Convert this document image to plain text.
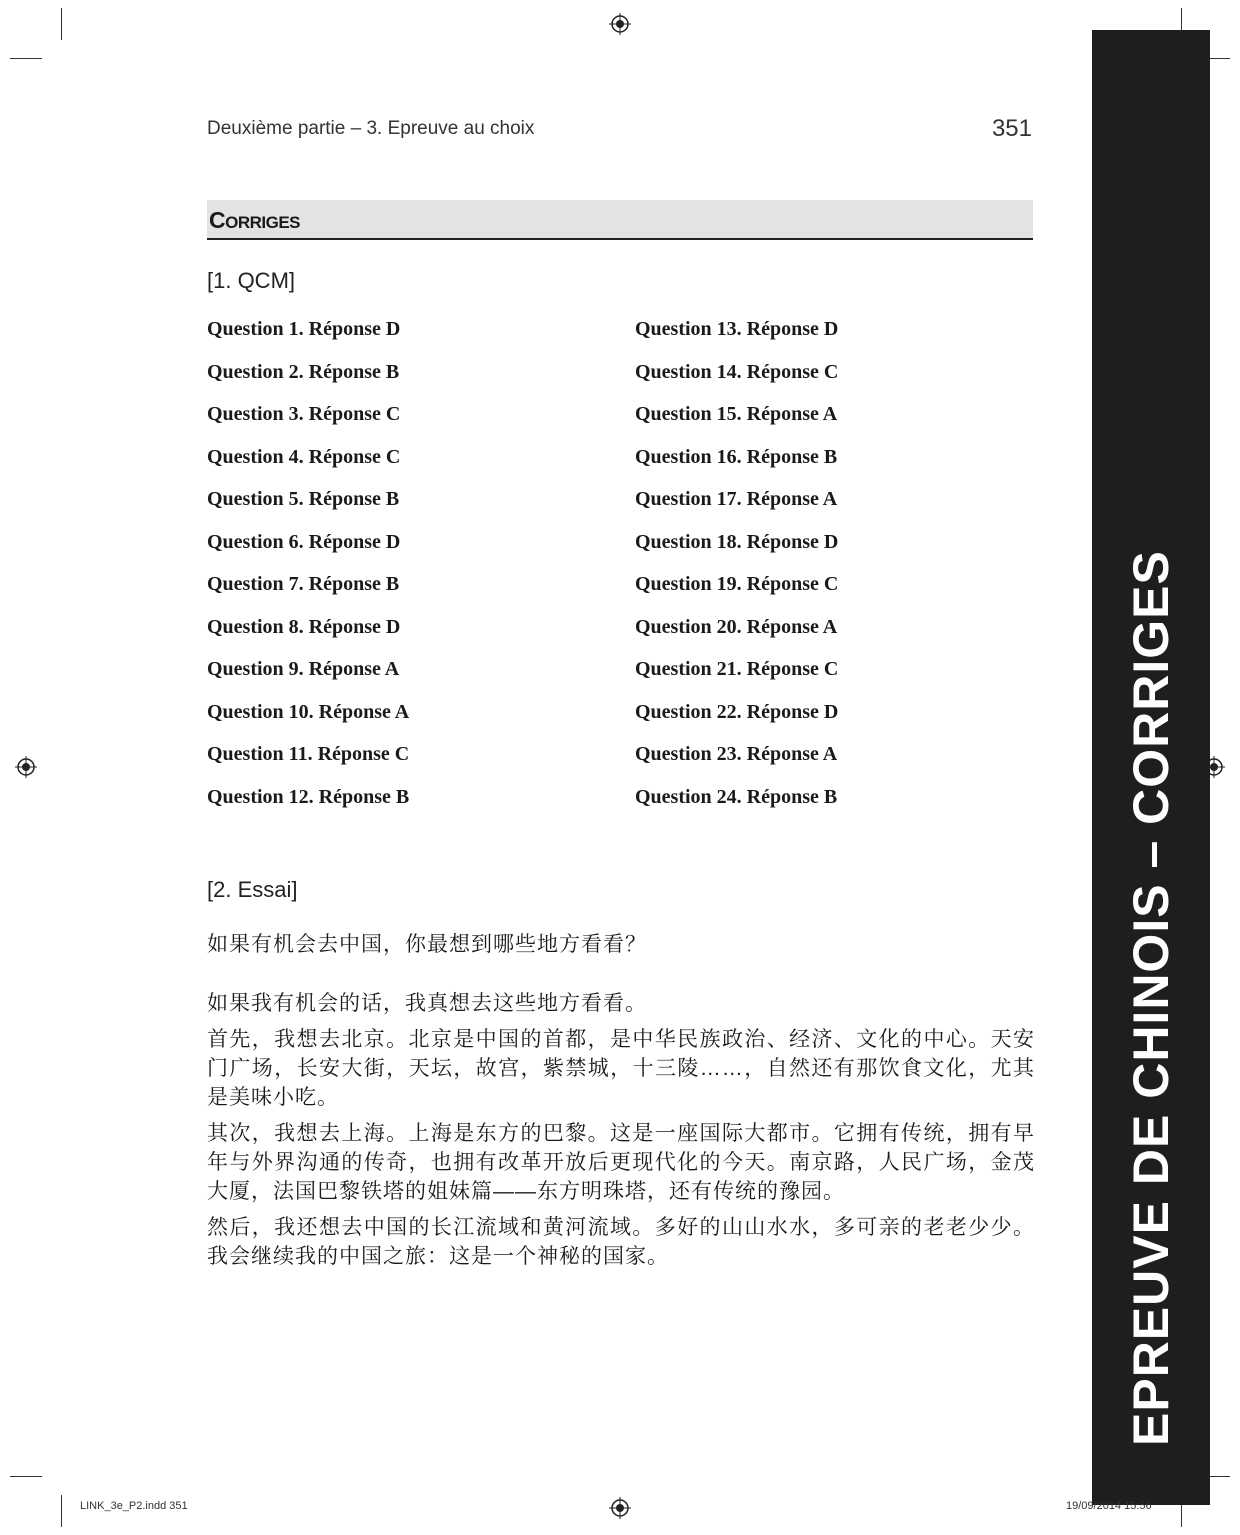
Deuxième partie – 3. Epreuve au choix	351
CORRIGES
[1. QCM]
Question 1. Réponse D
Question 2. Réponse B
Question 3. Réponse C
Question 4. Réponse C
Question 5. Réponse B
Question 6. Réponse D
Question 7. Réponse B
Question 8. Réponse D
Question 9. Réponse A
Question 10. Réponse A
Question 11. Réponse C
Question 12. Réponse B
Question 13. Réponse D
Question 14. Réponse C
Question 15. Réponse A
Question 16. Réponse B
Question 17. Réponse A
Question 18. Réponse D
Question 19. Réponse C
Question 20. Réponse A
Question 21. Réponse C
Question 22. Réponse D
Question 23. Réponse A
Question 24. Réponse B
[2. Essai]
如果有机会去中国，你最想到哪些地方看看？

如果我有机会的话，我真想去这些地方看看。

首先，我想去北京。北京是中国的首都，是中华民族政治、经济、文化的中心。天安门广场，长安大街，天坛，故宫，紫禁城，十三陵……，自然还有那饮食文化，尤其是美味小吃。

其次，我想去上海。上海是东方的巴黎。这是一座国际大都市。它拥有传统，拥有早年与外界沟通的传奇，也拥有改革开放后更现代化的今天。南京路，人民广场，金茂大厦，法国巴黎铁塔的姐妹篇——东方明珠塔，还有传统的豫园。

然后，我还想去中国的长江流域和黄河流域。多好的山山水水，多可亲的老老少少。我会继续我的中国之旅：这是一个神秘的国家。	EPREUVE DE CHINOIS – CORRIGES
LINK_3e_P2.indd 351	19/09/2014 15:56
